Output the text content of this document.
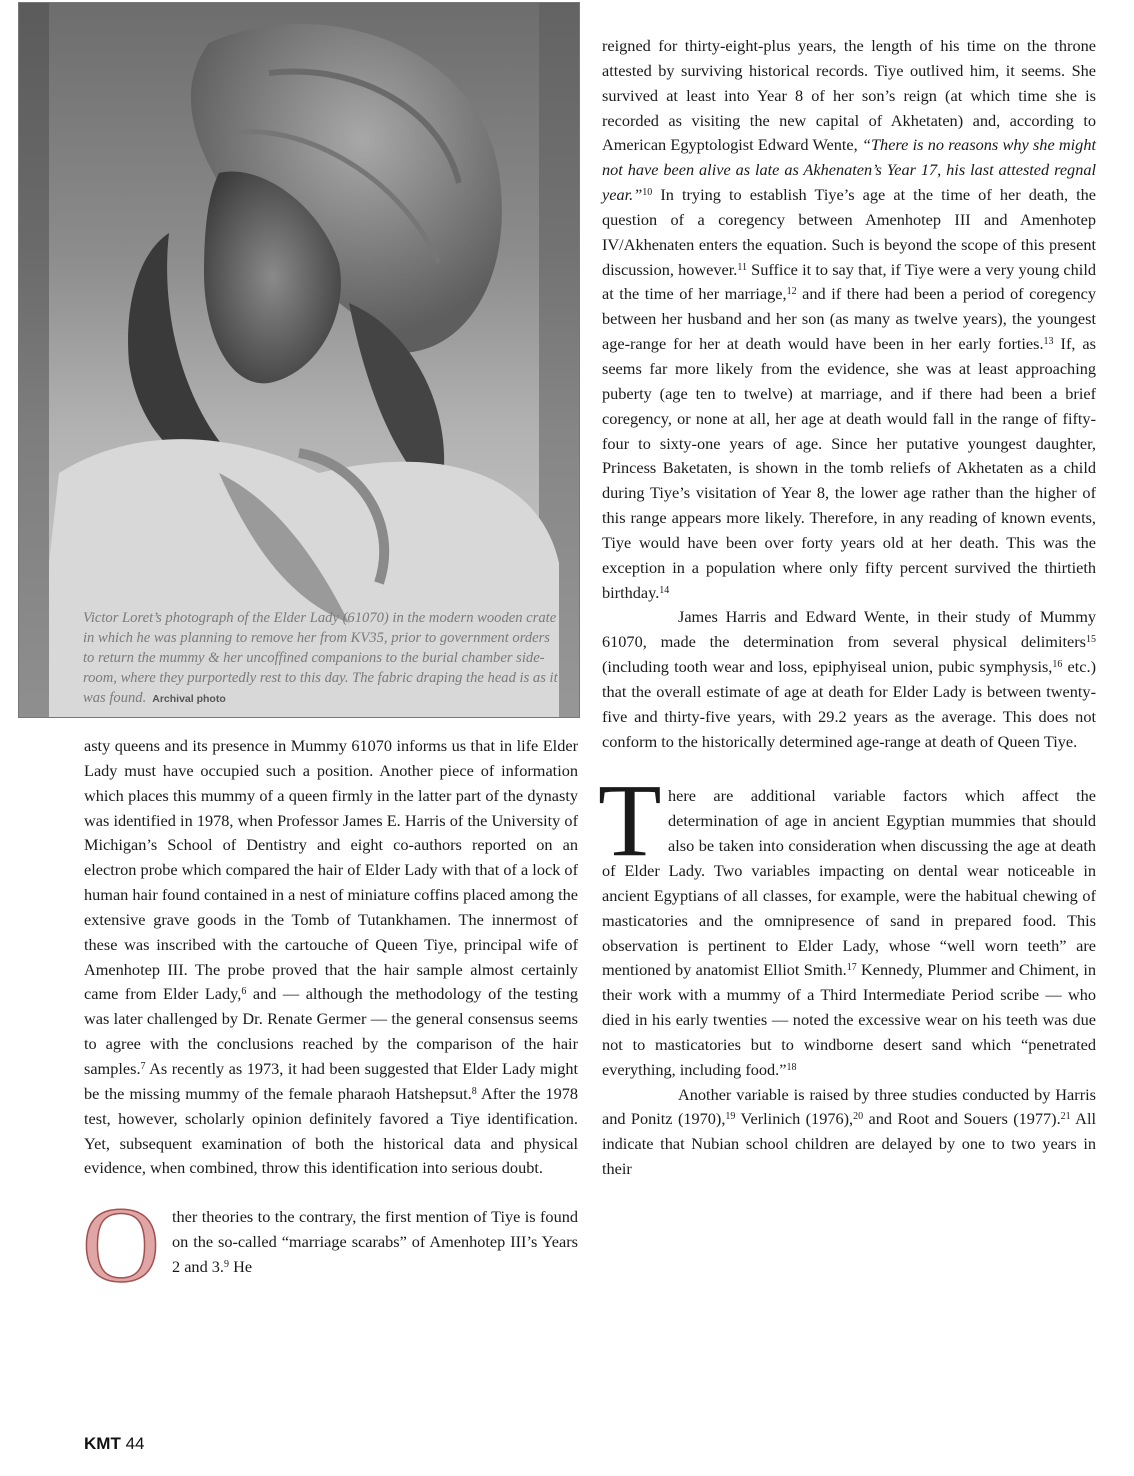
Victor Loret’s photograph of the Elder Lady (61070) in the modern wooden crate in which he was planning to remove her from KV35, prior to government orders to return the mummy & her uncoffined companions to the burial chamber side-room, where they purportedly rest to this day. The fabric draping the head is as it was found. Archival photo

asty queens and its presence in Mummy 61070 informs us that in life Elder Lady must have occupied such a position. Another piece of information which places this mummy of a queen firmly in the latter part of the dynasty was identified in 1978, when Professor James E. Harris of the University of Michigan’s School of Dentistry and eight co-authors reported on an electron probe which compared the hair of Elder Lady with that of a lock of human hair found contained in a nest of miniature coffins placed among the extensive grave goods in the Tomb of Tutankhamen. The innermost of these was inscribed with the cartouche of Queen Tiye, principal wife of Amenhotep III. The probe proved that the hair sample almost certainly came from Elder Lady,$^6$ and — although the methodology of the testing was later challenged by Dr. Renate Germer — the general consensus seems to agree with the conclusions reached by the comparison of the hair samples.$^7$ As recently as 1973, it had been suggested that Elder Lady might be the missing mummy of the female pharaoh Hatshepsut.$^8$ After the 1978 test, however, scholarly opinion definitely favored a Tiye identification. Yet, subsequent examination of both the historical data and physical evidence, when combined, throw this identification into serious doubt.

Other theories to the contrary, the first mention of Tiye is found on the so-called “marriage scarabs” of Amenhotep III’s Years 2 and 3.$^9$ He

reigned for thirty-eight-plus years, the length of his time on the throne attested by surviving historical records. Tiye outlived him, it seems. She survived at least into Year 8 of her son’s reign (at which time she is recorded as visiting the new capital of Akhetaten) and, according to American Egyptologist Edward Wente, “There is no reasons why she might not have been alive as late as Akhenaten’s Year 17, his last attested regnal year.”$^{10}$ In trying to establish Tiye’s age at the time of her death, the question of a coregency between Amenhotep III and Amenhotep IV/Akhenaten enters the equation. Such is beyond the scope of this present discussion, however.$^{11}$ Suffice it to say that, if Tiye were a very young child at the time of her marriage,$^{12}$ and if there had been a period of coregency between her husband and her son (as many as twelve years), the youngest age-range for her at death would have been in her early forties.$^{13}$ If, as seems far more likely from the evidence, she was at least approaching puberty (age ten to twelve) at marriage, and if there had been a brief coregency, or none at all, her age at death would fall in the range of fifty-four to sixty-one years of age. Since her putative youngest daughter, Princess Baketaten, is shown in the tomb reliefs of Akhetaten as a child during Tiye’s visitation of Year 8, the lower age rather than the higher of this range appears more likely. Therefore, in any reading of known events, Tiye would have been over forty years old at her death. This was the exception in a population where only fifty percent survived the thirtieth birthday.$^{14}$

James Harris and Edward Wente, in their study of Mummy 61070, made the determination from several physical delimiters$^{15}$ (including tooth wear and loss, epiphyiseal union, pubic symphysis,$^{16}$ etc.) that the overall estimate of age at death for Elder Lady is between twenty-five and thirty-five years, with 29.2 years as the average. This does not conform to the historically determined age-range at death of Queen Tiye.

There are additional variable factors which affect the determination of age in ancient Egyptian mummies that should also be taken into consideration when discussing the age at death of Elder Lady. Two variables impacting on dental wear noticeable in ancient Egyptians of all classes, for example, were the habitual chewing of masticatories and the omnipresence of sand in prepared food. This observation is pertinent to Elder Lady, whose “well worn teeth” are mentioned by anatomist Elliot Smith.$^{17}$ Kennedy, Plummer and Chiment, in their work with a mummy of a Third Intermediate Period scribe — who died in his early twenties — noted the excessive wear on his teeth was due not to masticatories but to windborne desert sand which “penetrated everything, including food.”$^{18}$

Another variable is raised by three studies conducted by Harris and Ponitz (1970),$^{19}$ Verlinich (1976),$^{20}$ and Root and Souers (1977).$^{21}$ All indicate that Nubian school children are delayed by one to two years in their

KMT 44
